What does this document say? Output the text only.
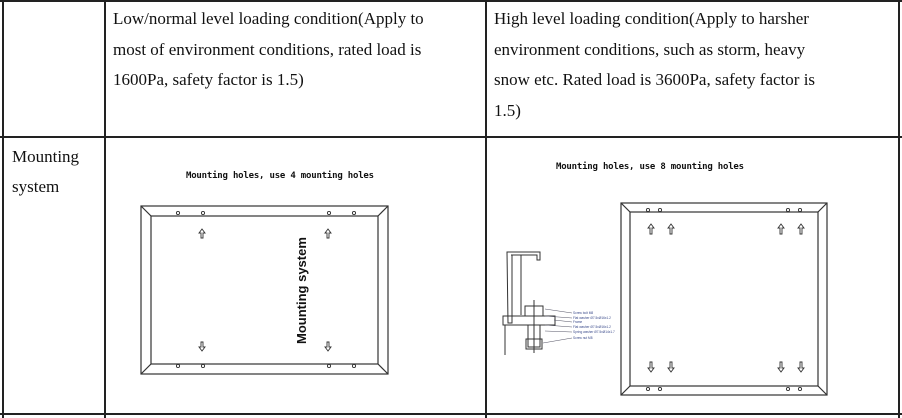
Low/normal level loading condition(Apply to
most of environment conditions, rated load is
1600Pa, safety factor is 1.5)
High level loading condition(Apply to harsher
environment conditions, such as storm, heavy
snow etc. Rated load is 3600Pa, safety factor is
1.5)
Mounting
system
Mounting holes, use 4 mounting holes
Mounting holes, use 8 mounting holes
Mounting system	Screw bolt M8
Flat washer Ø7.5xØ16x1.2
Frame
Flat washer Ø7.5xØ16x1.2
Spring washer Ø7.5xØ14x1.7
Screw nut M8
